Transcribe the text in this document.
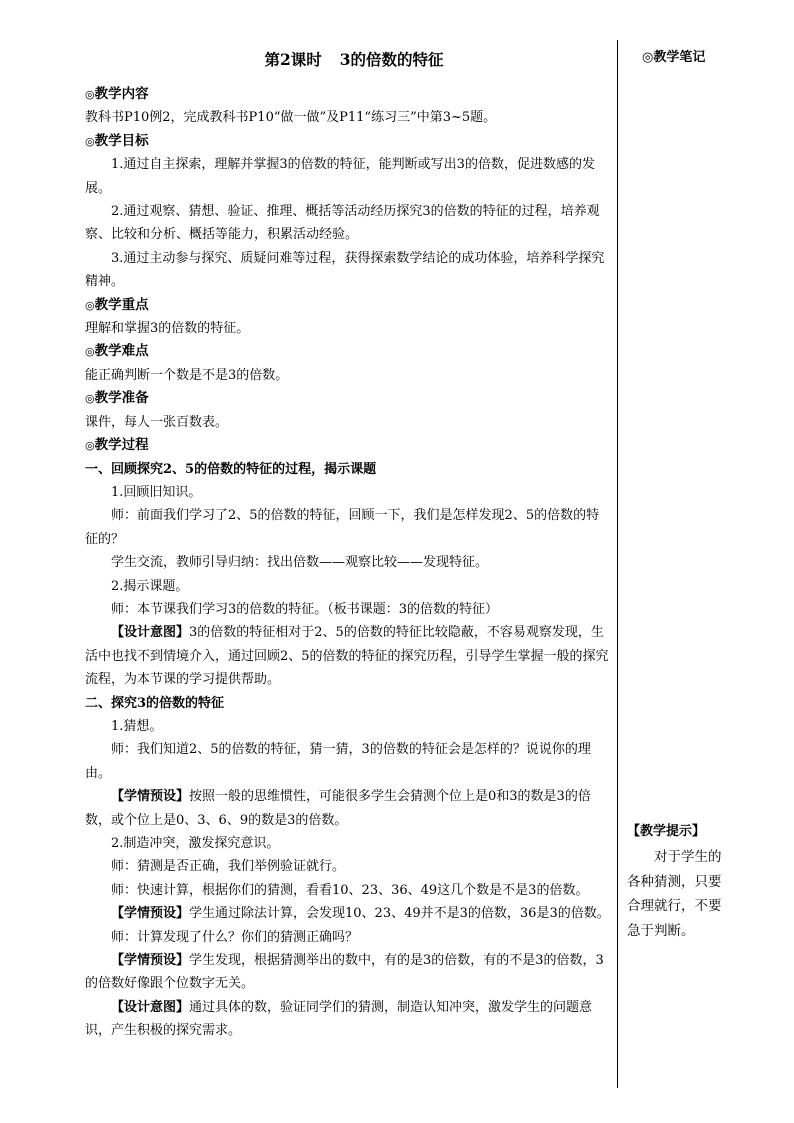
◎教学笔记
【教学提示】
对于学生的各种猜测，只要合理就行，不要急于判断。
第2课时 3的倍数的特征
◎教学内容

教科书P10例2，完成教科书P10“做一做”及P11“练习三”中第3~5题。

◎教学目标

1.通过自主探索，理解并掌握3的倍数的特征，能判断或写出3的倍数，促进数感的发展。

2.通过观察、猜想、验证、推理、概括等活动经历探究3的倍数的特征的过程，培养观察、比较和分析、概括等能力，积累活动经验。

3.通过主动参与探究、质疑问难等过程，获得探索数学结论的成功体验，培养科学探究精神。

◎教学重点

理解和掌握3的倍数的特征。

◎教学难点

能正确判断一个数是不是3的倍数。

◎教学准备

课件，每人一张百数表。

◎教学过程

一、回顾探究2、5的倍数的特征的过程，揭示课题

1.回顾旧知识。

师：前面我们学习了2、5的倍数的特征，回顾一下，我们是怎样发现2、5的倍数的特征的？

学生交流，教师引导归纳：找出倍数——观察比较——发现特征。

2.揭示课题。

师：本节课我们学习3的倍数的特征。（板书课题：3的倍数的特征）

【设计意图】3的倍数的特征相对于2、5的倍数的特征比较隐蔽，不容易观察发现，生活中也找不到情境介入，通过回顾2、5的倍数的特征的探究历程，引导学生掌握一般的探究流程，为本节课的学习提供帮助。

二、探究3的倍数的特征

1.猜想。

师：我们知道2、5的倍数的特征，猜一猜，3的倍数的特征会是怎样的？说说你的理由。

【学情预设】按照一般的思维惯性，可能很多学生会猜测个位上是0和3的数是3的倍数，或个位上是0、3、6、9的数是3的倍数。

2.制造冲突，激发探究意识。

师：猜测是否正确，我们举例验证就行。

师：快速计算，根据你们的猜测，看看10、23、36、49这几个数是不是3的倍数。

【学情预设】学生通过除法计算，会发现10、23、49并不是3的倍数，36是3的倍数。

师：计算发现了什么？你们的猜测正确吗？

【学情预设】学生发现，根据猜测举出的数中，有的是3的倍数，有的不是3的倍数，3的倍数好像跟个位数字无关。

【设计意图】通过具体的数，验证同学们的猜测，制造认知冲突，激发学生的问题意识，产生积极的探究需求。
